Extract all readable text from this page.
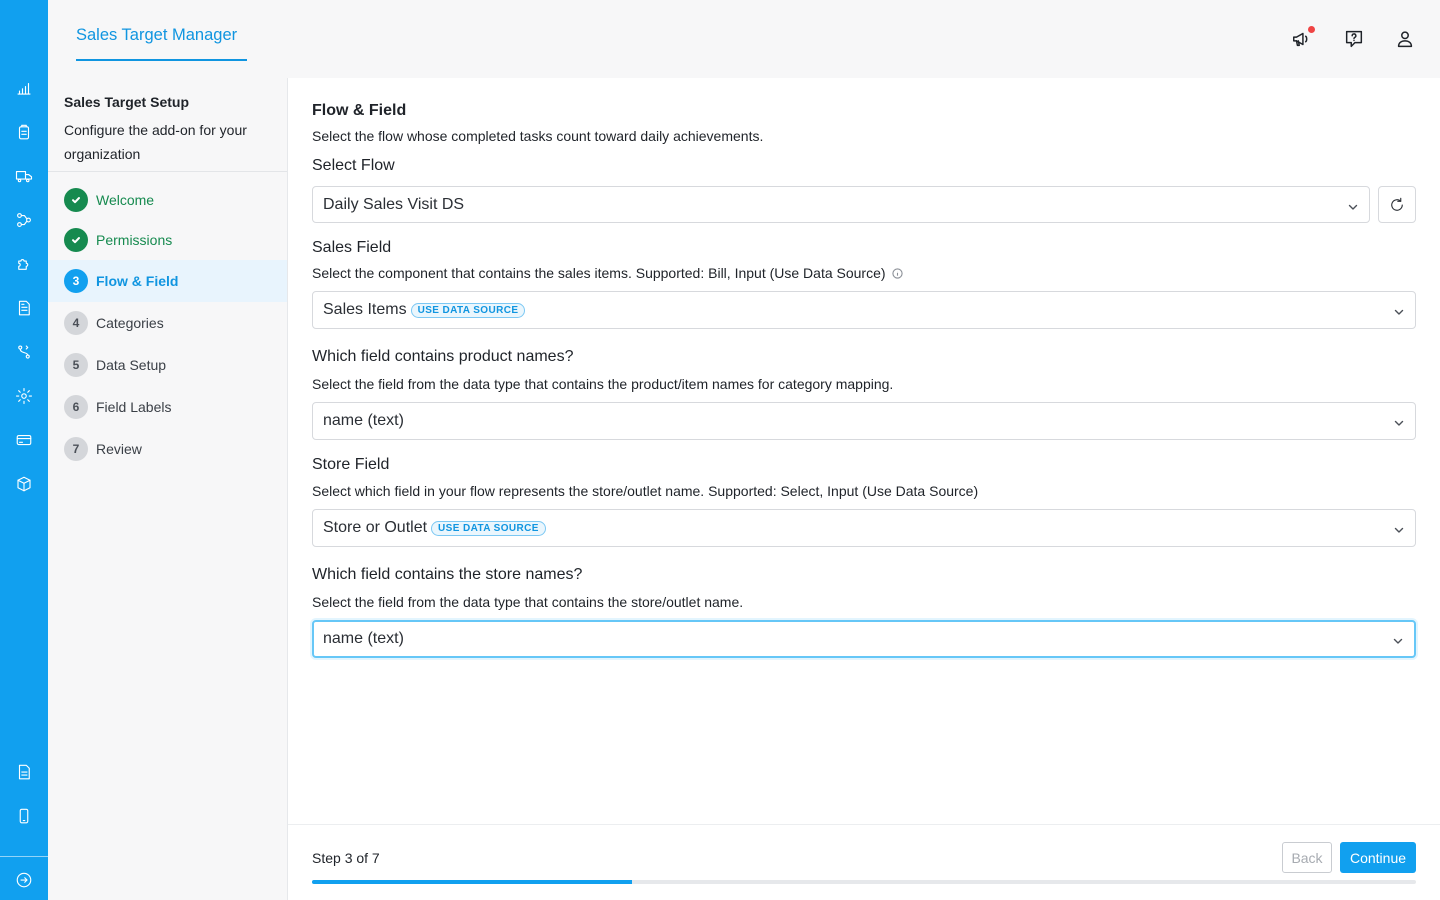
Sales Target Manager
Sales Target Setup
Configure the add-on for your organization
Welcome
Permissions
3	Flow & Field
4	Categories
5	Data Setup
6	Field Labels
7	Review
Flow & Field
Select the flow whose completed tasks count toward daily achievements.
Select Flow
Daily Sales Visit DS
Sales Field
Select the component that contains the sales items. Supported: Bill, Input (Use Data Source)
Sales Items	USE DATA SOURCE
Which field contains product names?
Select the field from the data type that contains the product/item names for category mapping.
name (text)
Store Field
Select which field in your flow represents the store/outlet name. Supported: Select, Input (Use Data Source)
Store or Outlet	USE DATA SOURCE
Which field contains the store names?
Select the field from the data type that contains the store/outlet name.
name (text)
Step 3 of 7	Back	Continue
